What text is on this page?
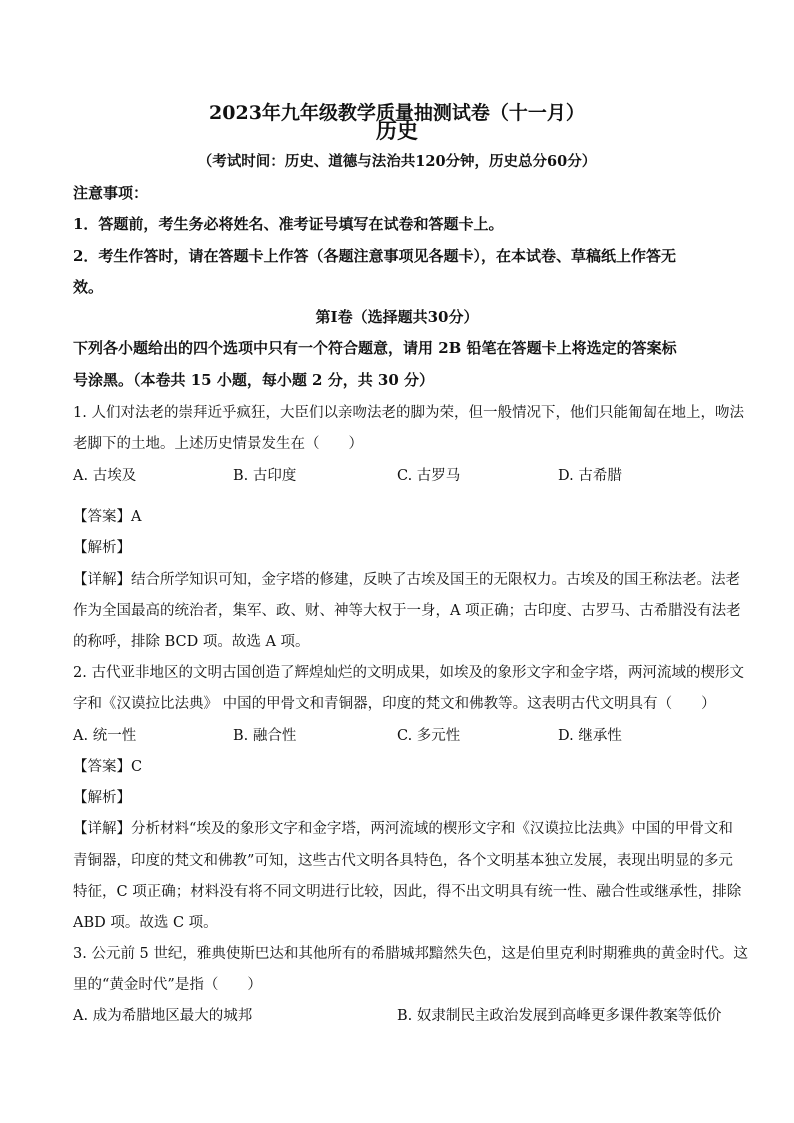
2023年九年级教学质量抽测试卷（十一月）
历史
（考试时间：历史、道德与法治共120分钟，历史总分60分）
注意事项：
1．答题前，考生务必将姓名、准考证号填写在试卷和答题卡上。
2．考生作答时，请在答题卡上作答（各题注意事项见各题卡），在本试卷、草稿纸上作答无
效。
第Ⅰ卷（选择题共30分）
下列各小题给出的四个选项中只有一个符合题意，请用 2B 铅笔在答题卡上将选定的答案标
号涂黑。（本卷共 15 小题，每小题 2 分，共 30 分）
1. 人们对法老的崇拜近乎疯狂，大臣们以亲吻法老的脚为荣，但一般情况下，他们只能匍匐在地上，吻法
老脚下的土地。上述历史情景发生在（　　）
A. 古埃及	B. 古印度	C. 古罗马	D. 古希腊
【答案】A
【解析】
【详解】结合所学知识可知，金字塔的修建，反映了古埃及国王的无限权力。古埃及的国王称法老。法老
作为全国最高的统治者，集军、政、财、神等大权于一身，A 项正确；古印度、古罗马、古希腊没有法老
的称呼，排除 BCD 项。故选 A 项。
2. 古代亚非地区的文明古国创造了辉煌灿烂的文明成果，如埃及的象形文字和金字塔，两河流域的楔形文
字和《汉谟拉比法典》 中国的甲骨文和青铜器，印度的梵文和佛教等。这表明古代文明具有（　　）
A. 统一性	B. 融合性	C. 多元性	D. 继承性
【答案】C
【解析】
【详解】分析材料“埃及的象形文字和金字塔，两河流域的楔形文字和《汉谟拉比法典》中国的甲骨文和
青铜器，印度的梵文和佛教”可知，这些古代文明各具特色，各个文明基本独立发展，表现出明显的多元
特征，C 项正确；材料没有将不同文明进行比较，因此，得不出文明具有统一性、融合性或继承性，排除
ABD 项。故选 C 项。
3. 公元前 5 世纪，雅典使斯巴达和其他所有的希腊城邦黯然失色，这是伯里克利时期雅典的黄金时代。这
里的“黄金时代”是指（　　）
A. 成为希腊地区最大的城邦	B. 奴隶制民主政治发展到高峰更多课件教案等低价
